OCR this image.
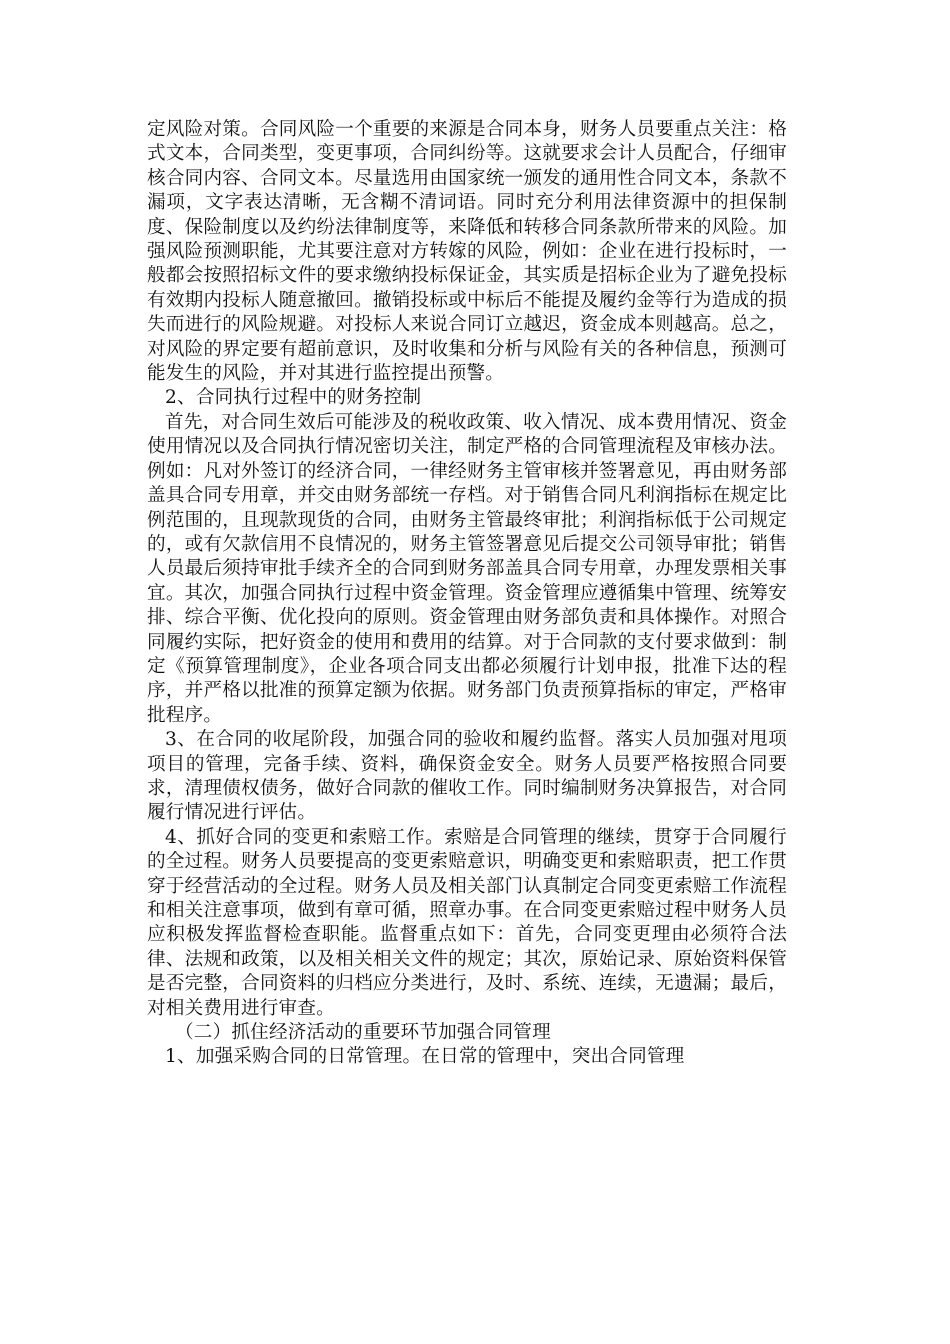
定风险对策。合同风险一个重要的来源是合同本身，财务人员要重点关注：格式文本，合同类型，变更事项，合同纠纷等。这就要求会计人员配合，仔细审核合同内容、合同文本。尽量选用由国家统一颁发的通用性合同文本，条款不漏项，文字表达清晰，无含糊不清词语。同时充分利用法律资源中的担保制度、保险制度以及约纷法律制度等，来降低和转移合同条款所带来的风险。加强风险预测职能，尤其要注意对方转嫁的风险，例如：企业在进行投标时，一般都会按照招标文件的要求缴纳投标保证金，其实质是招标企业为了避免投标有效期内投标人随意撤回。撤销投标或中标后不能提及履约金等行为造成的损失而进行的风险规避。对投标人来说合同订立越迟，资金成本则越高。总之，对风险的界定要有超前意识，及时收集和分析与风险有关的各种信息，预测可能发生的风险，并对其进行监控提出预警。

2、合同执行过程中的财务控制

首先，对合同生效后可能涉及的税收政策、收入情况、成本费用情况、资金使用情况以及合同执行情况密切关注，制定严格的合同管理流程及审核办法。例如：凡对外签订的经济合同，一律经财务主管审核并签署意见，再由财务部盖具合同专用章，并交由财务部统一存档。对于销售合同凡利润指标在规定比例范围的，且现款现货的合同，由财务主管最终审批；利润指标低于公司规定的，或有欠款信用不良情况的，财务主管签署意见后提交公司领导审批；销售人员最后须持审批手续齐全的合同到财务部盖具合同专用章，办理发票相关事宜。其次，加强合同执行过程中资金管理。资金管理应遵循集中管理、统筹安排、综合平衡、优化投向的原则。资金管理由财务部负责和具体操作。对照合同履约实际，把好资金的使用和费用的结算。对于合同款的支付要求做到：制定《预算管理制度》，企业各项合同支出都必须履行计划申报，批准下达的程序，并严格以批准的预算定额为依据。财务部门负责预算指标的审定，严格审批程序。

3、在合同的收尾阶段，加强合同的验收和履约监督。落实人员加强对甩项项目的管理，完备手续、资料，确保资金安全。财务人员要严格按照合同要求，清理债权债务，做好合同款的催收工作。同时编制财务决算报告，对合同履行情况进行评估。

4、抓好合同的变更和索赔工作。索赔是合同管理的继续，贯穿于合同履行的全过程。财务人员要提高的变更索赔意识，明确变更和索赔职责，把工作贯穿于经营活动的全过程。财务人员及相关部门认真制定合同变更索赔工作流程和相关注意事项，做到有章可循，照章办事。在合同变更索赔过程中财务人员应积极发挥监督检查职能。监督重点如下：首先，合同变更理由必须符合法律、法规和政策，以及相关相关文件的规定；其次，原始记录、原始资料保管是否完整，合同资料的归档应分类进行，及时、系统、连续，无遗漏；最后，对相关费用进行审查。

（二）抓住经济活动的重要环节加强合同管理

1、加强采购合同的日常管理。在日常的管理中，突出合同管理
